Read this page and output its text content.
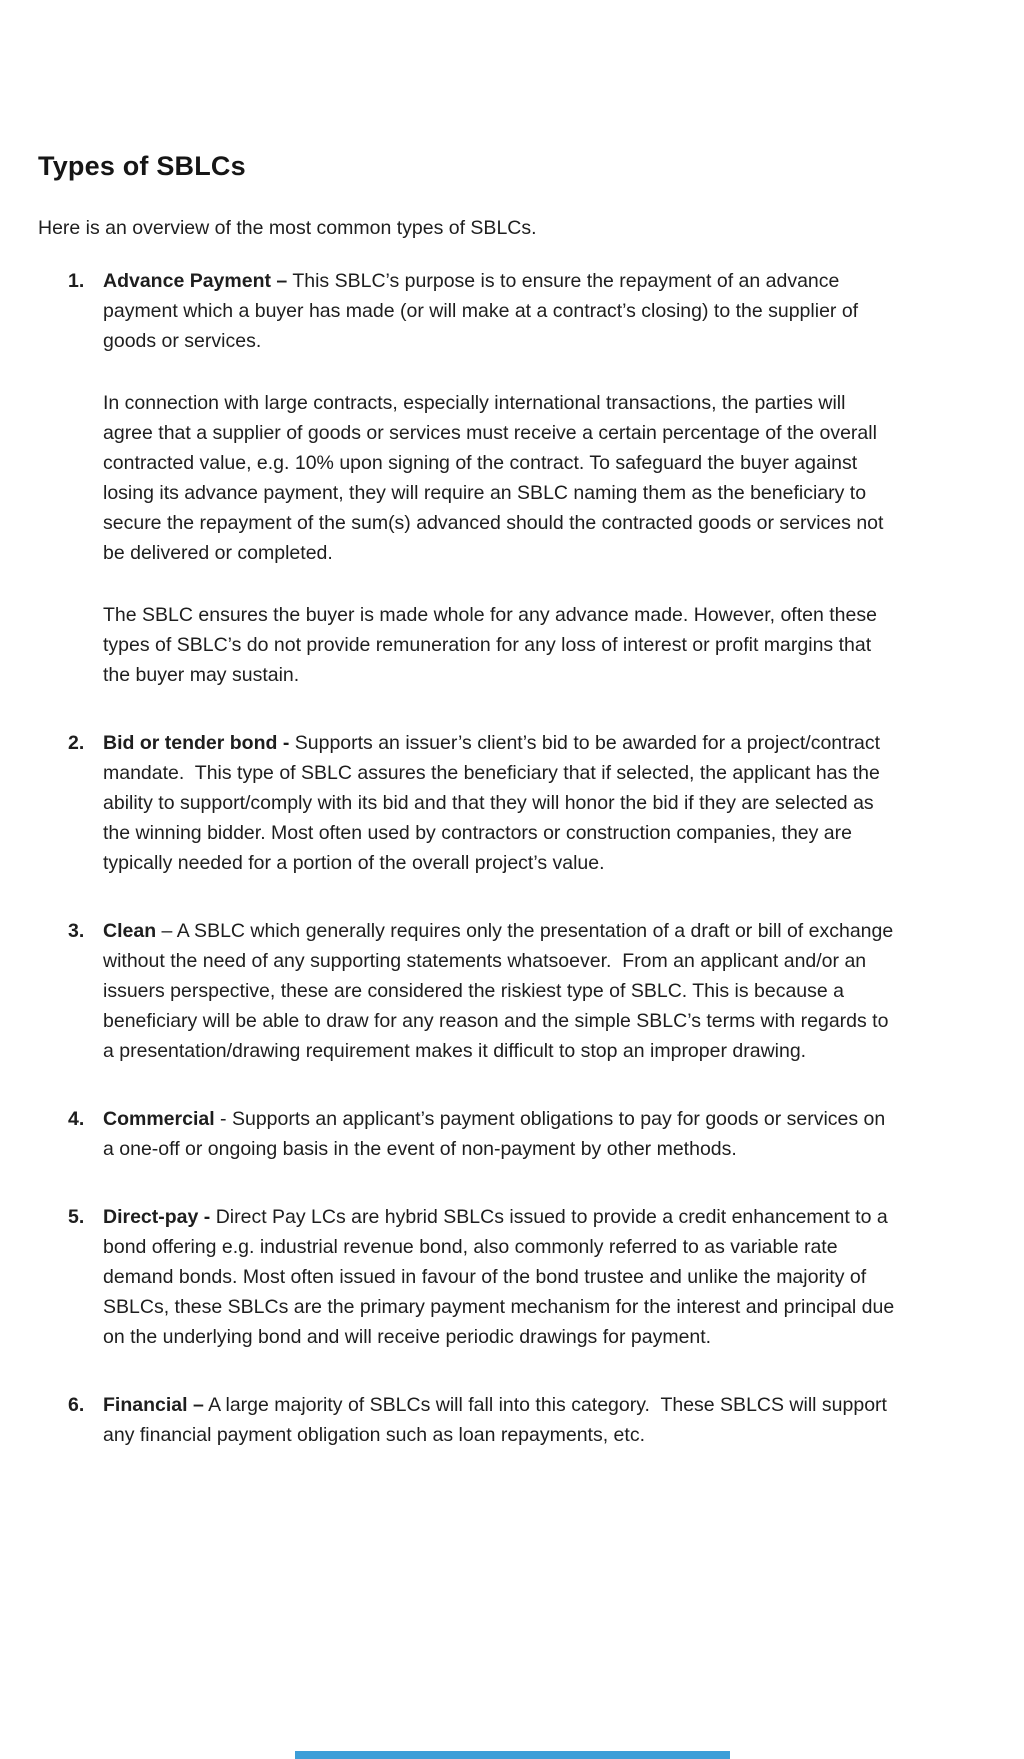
Types of SBLCs

Here is an overview of the most common types of SBLCs.

1. Advance Payment – This SBLC’s purpose is to ensure the repayment of an advance payment which a buyer has made (or will make at a contract’s closing) to the supplier of goods or services.

In connection with large contracts, especially international transactions, the parties will agree that a supplier of goods or services must receive a certain percentage of the overall contracted value, e.g. 10% upon signing of the contract. To safeguard the buyer against losing its advance payment, they will require an SBLC naming them as the beneficiary to secure the repayment of the sum(s) advanced should the contracted goods or services not be delivered or completed.

The SBLC ensures the buyer is made whole for any advance made. However, often these types of SBLC’s do not provide remuneration for any loss of interest or profit margins that the buyer may sustain.

2. Bid or tender bond - Supports an issuer’s client’s bid to be awarded for a project/contract mandate.  This type of SBLC assures the beneficiary that if selected, the applicant has the ability to support/comply with its bid and that they will honor the bid if they are selected as the winning bidder. Most often used by contractors or construction companies, they are typically needed for a portion of the overall project’s value.

3. Clean – A SBLC which generally requires only the presentation of a draft or bill of exchange without the need of any supporting statements whatsoever.  From an applicant and/or an issuers perspective, these are considered the riskiest type of SBLC. This is because a beneficiary will be able to draw for any reason and the simple SBLC’s terms with regards to a presentation/drawing requirement makes it difficult to stop an improper drawing.

4. Commercial - Supports an applicant’s payment obligations to pay for goods or services on a one-off or ongoing basis in the event of non-payment by other methods.

5. Direct-pay - Direct Pay LCs are hybrid SBLCs issued to provide a credit enhancement to a bond offering e.g. industrial revenue bond, also commonly referred to as variable rate demand bonds. Most often issued in favour of the bond trustee and unlike the majority of SBLCs, these SBLCs are the primary payment mechanism for the interest and principal due on the underlying bond and will receive periodic drawings for payment.

6. Financial – A large majority of SBLCs will fall into this category.  These SBLCS will support any financial payment obligation such as loan repayments, etc.
